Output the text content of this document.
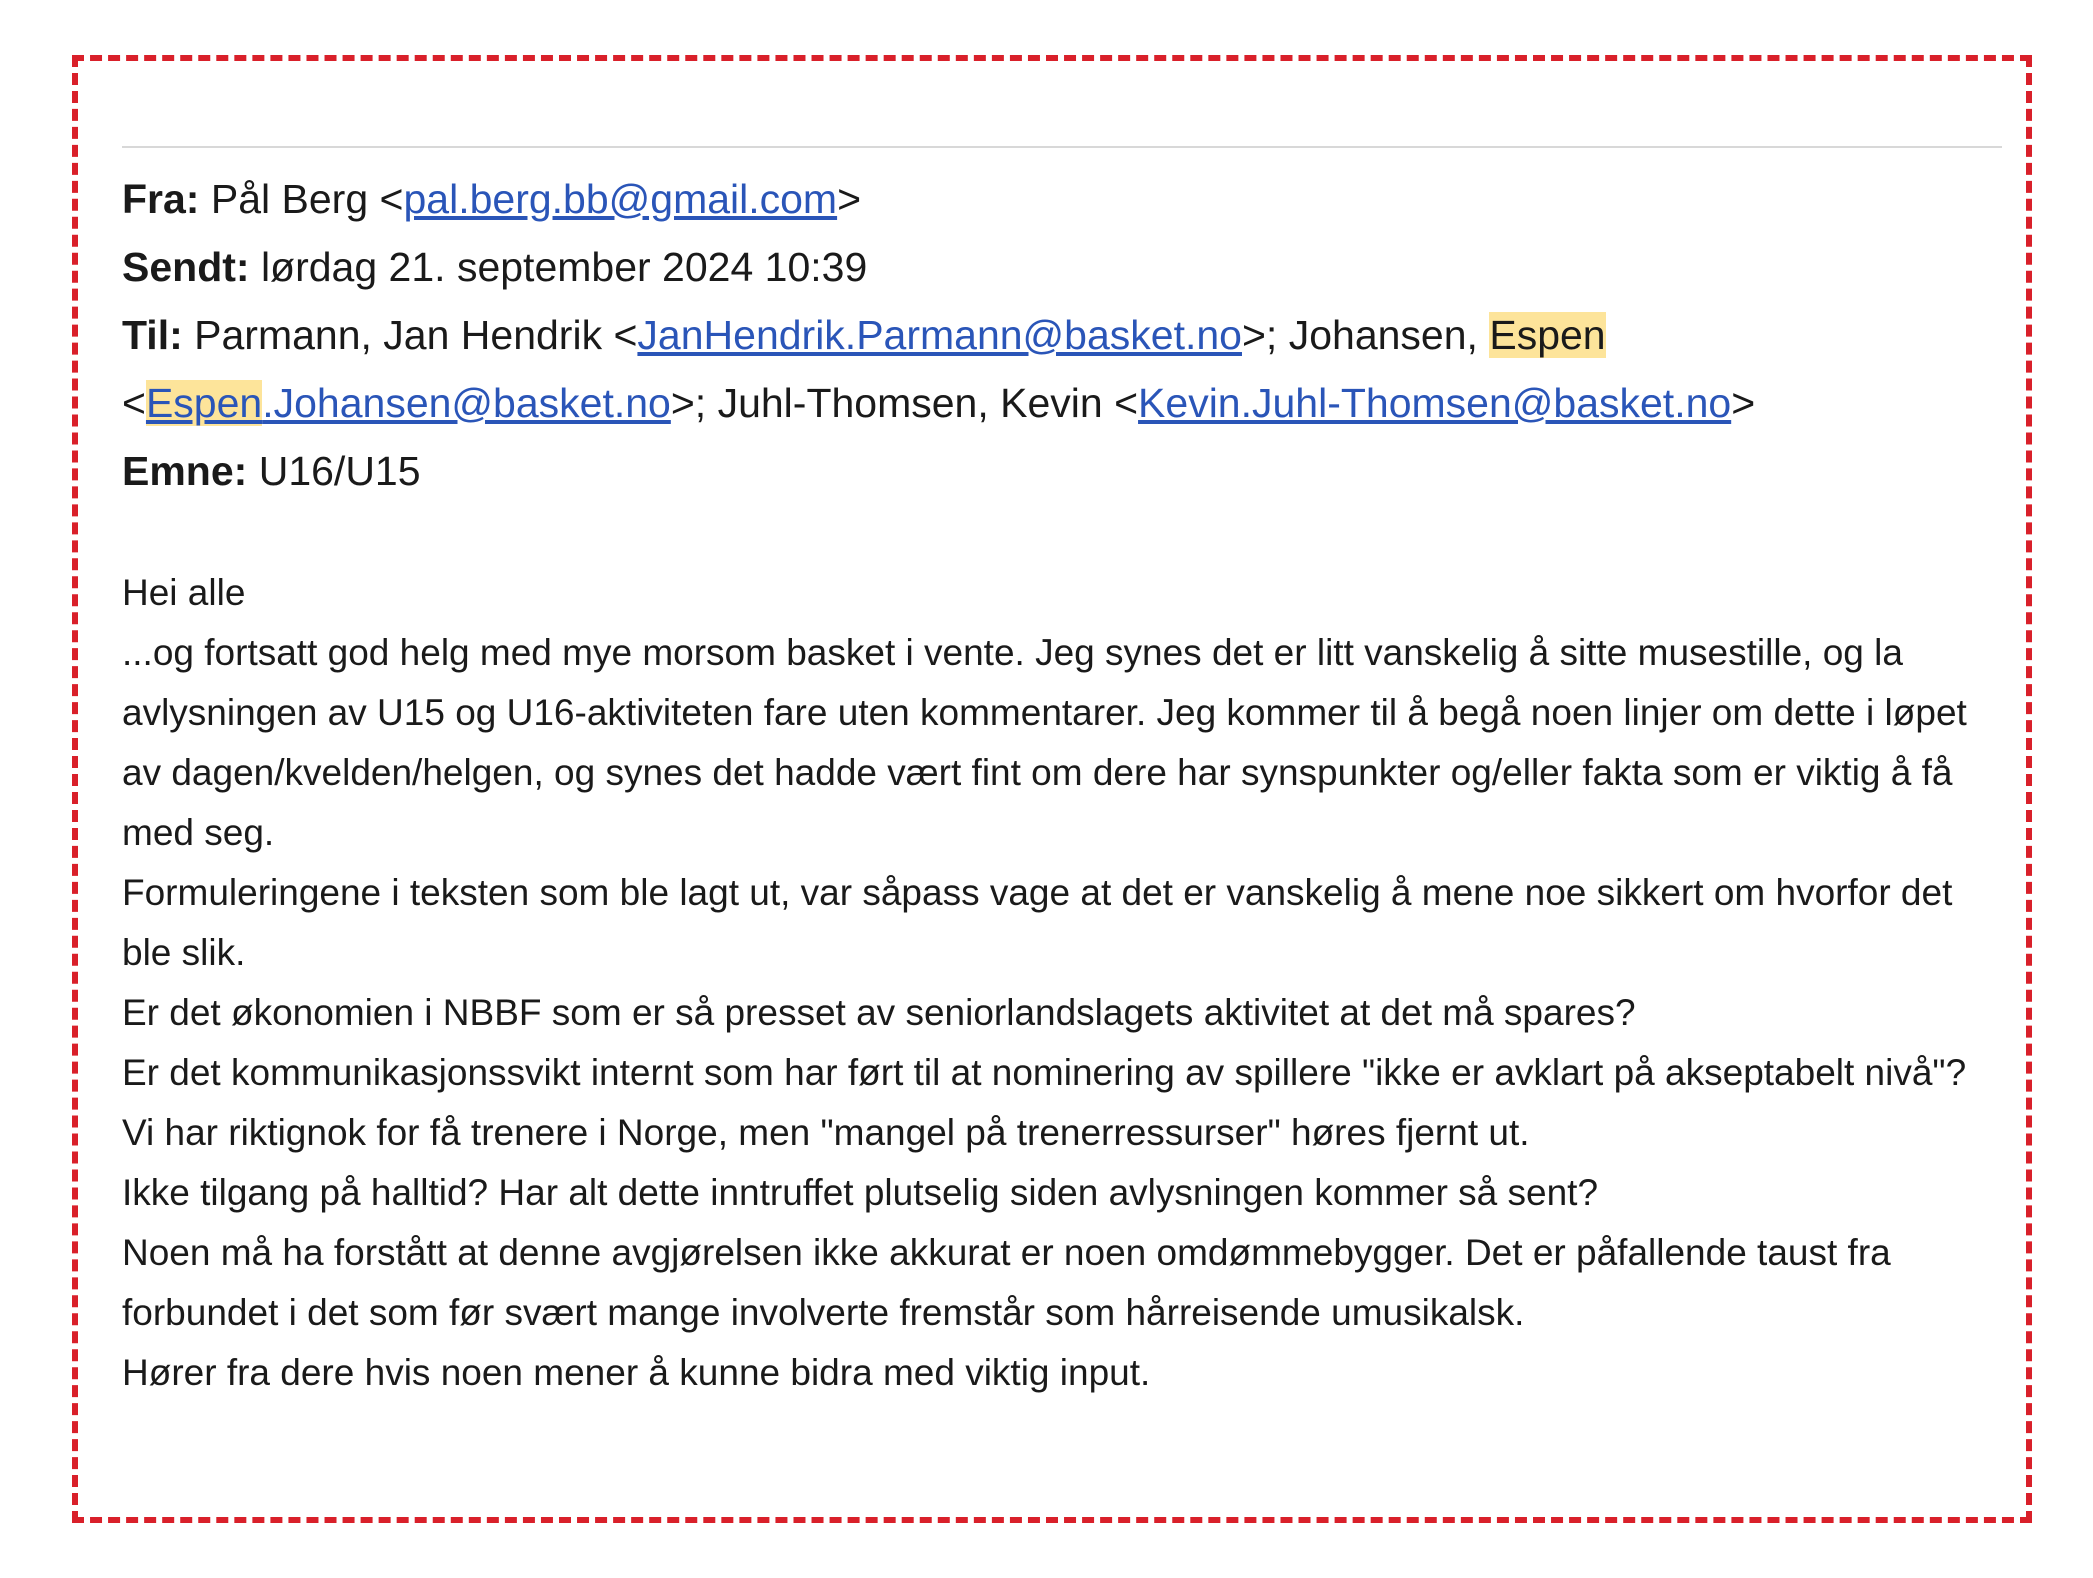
Fra: Pål Berg <pal.berg.bb@gmail.com>
Sendt: lørdag 21. september 2024 10:39
Til: Parmann, Jan Hendrik <JanHendrik.Parmann@basket.no>; Johansen, Espen
<Espen.Johansen@basket.no>; Juhl-Thomsen, Kevin <Kevin.Juhl-Thomsen@basket.no>
Emne: U16/U15

Hei alle

...og fortsatt god helg med mye morsom basket i vente. Jeg synes det er litt vanskelig å sitte musestille, og la avlysningen av U15 og U16-aktiviteten fare uten kommentarer. Jeg kommer til å begå noen linjer om dette i løpet av dagen/kvelden/helgen, og synes det hadde vært fint om dere har synspunkter og/eller fakta som er viktig å få med seg.

Formuleringene i teksten som ble lagt ut, var såpass vage at det er vanskelig å mene noe sikkert om hvorfor det ble slik.

Er det økonomien i NBBF som er så presset av seniorlandslagets aktivitet at det må spares?

Er det kommunikasjonssvikt internt som har ført til at nominering av spillere "ikke er avklart på akseptabelt nivå"?

Vi har riktignok for få trenere i Norge, men "mangel på trenerressurser" høres fjernt ut.

Ikke tilgang på halltid? Har alt dette inntruffet plutselig siden avlysningen kommer så sent?

Noen må ha forstått at denne avgjørelsen ikke akkurat er noen omdømmebygger. Det er påfallende taust fra forbundet i det som før svært mange involverte fremstår som hårreisende umusikalsk.

Hører fra dere hvis noen mener å kunne bidra med viktig input.
